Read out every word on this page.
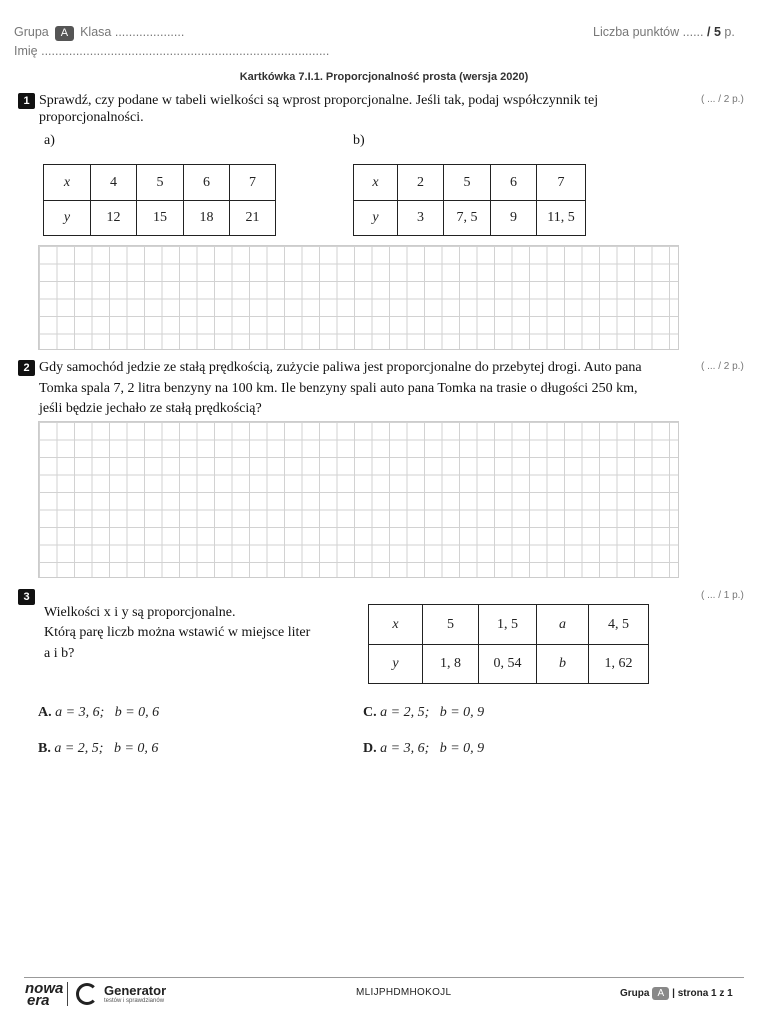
Grupa A Klasa ....................	Liczba punktów ...... / 5 p.
Imię ...................................................................................
Kartkówka 7.I.1. Proporcjonalność prosta (wersja 2020)
1 Sprawdź, czy podane w tabeli wielkości są wprost proporcjonalne. Jeśli tak, podaj współczynnik tej proporcjonalności.
( ... / 2 p.)
a)	b)
x	4	5	6	7
y	12	15	18	21
x	2	5	6	7
y	3	7, 5	9	11, 5
2	( ... / 2 p.)
Gdy samochód jedzie ze stałą prędkością, zużycie paliwa jest proporcjonalne do przebytej drogi. Auto pana
Tomka spala 7, 2 litra benzyny na 100 km. Ile benzyny spali auto pana Tomka na trasie o długości 250 km,
jeśli będzie jechało ze stałą prędkością?
3	( ... / 1 p.)
Wielkości x i y są proporcjonalne.
Którą parę liczb można wstawić w miejsce liter
a i b?
x	5	1, 5	a	4, 5
y	1, 8	0, 54	b	1, 62
A. a = 3, 6;   b = 0, 6
B. a = 2, 5;   b = 0, 6
C. a = 2, 5;   b = 0, 9
D. a = 3, 6;   b = 0, 9
nowa
era
Generator
testów i sprawdzianów
MLIJPHDMHOKOJL	Grupa A | strona 1 z 1
